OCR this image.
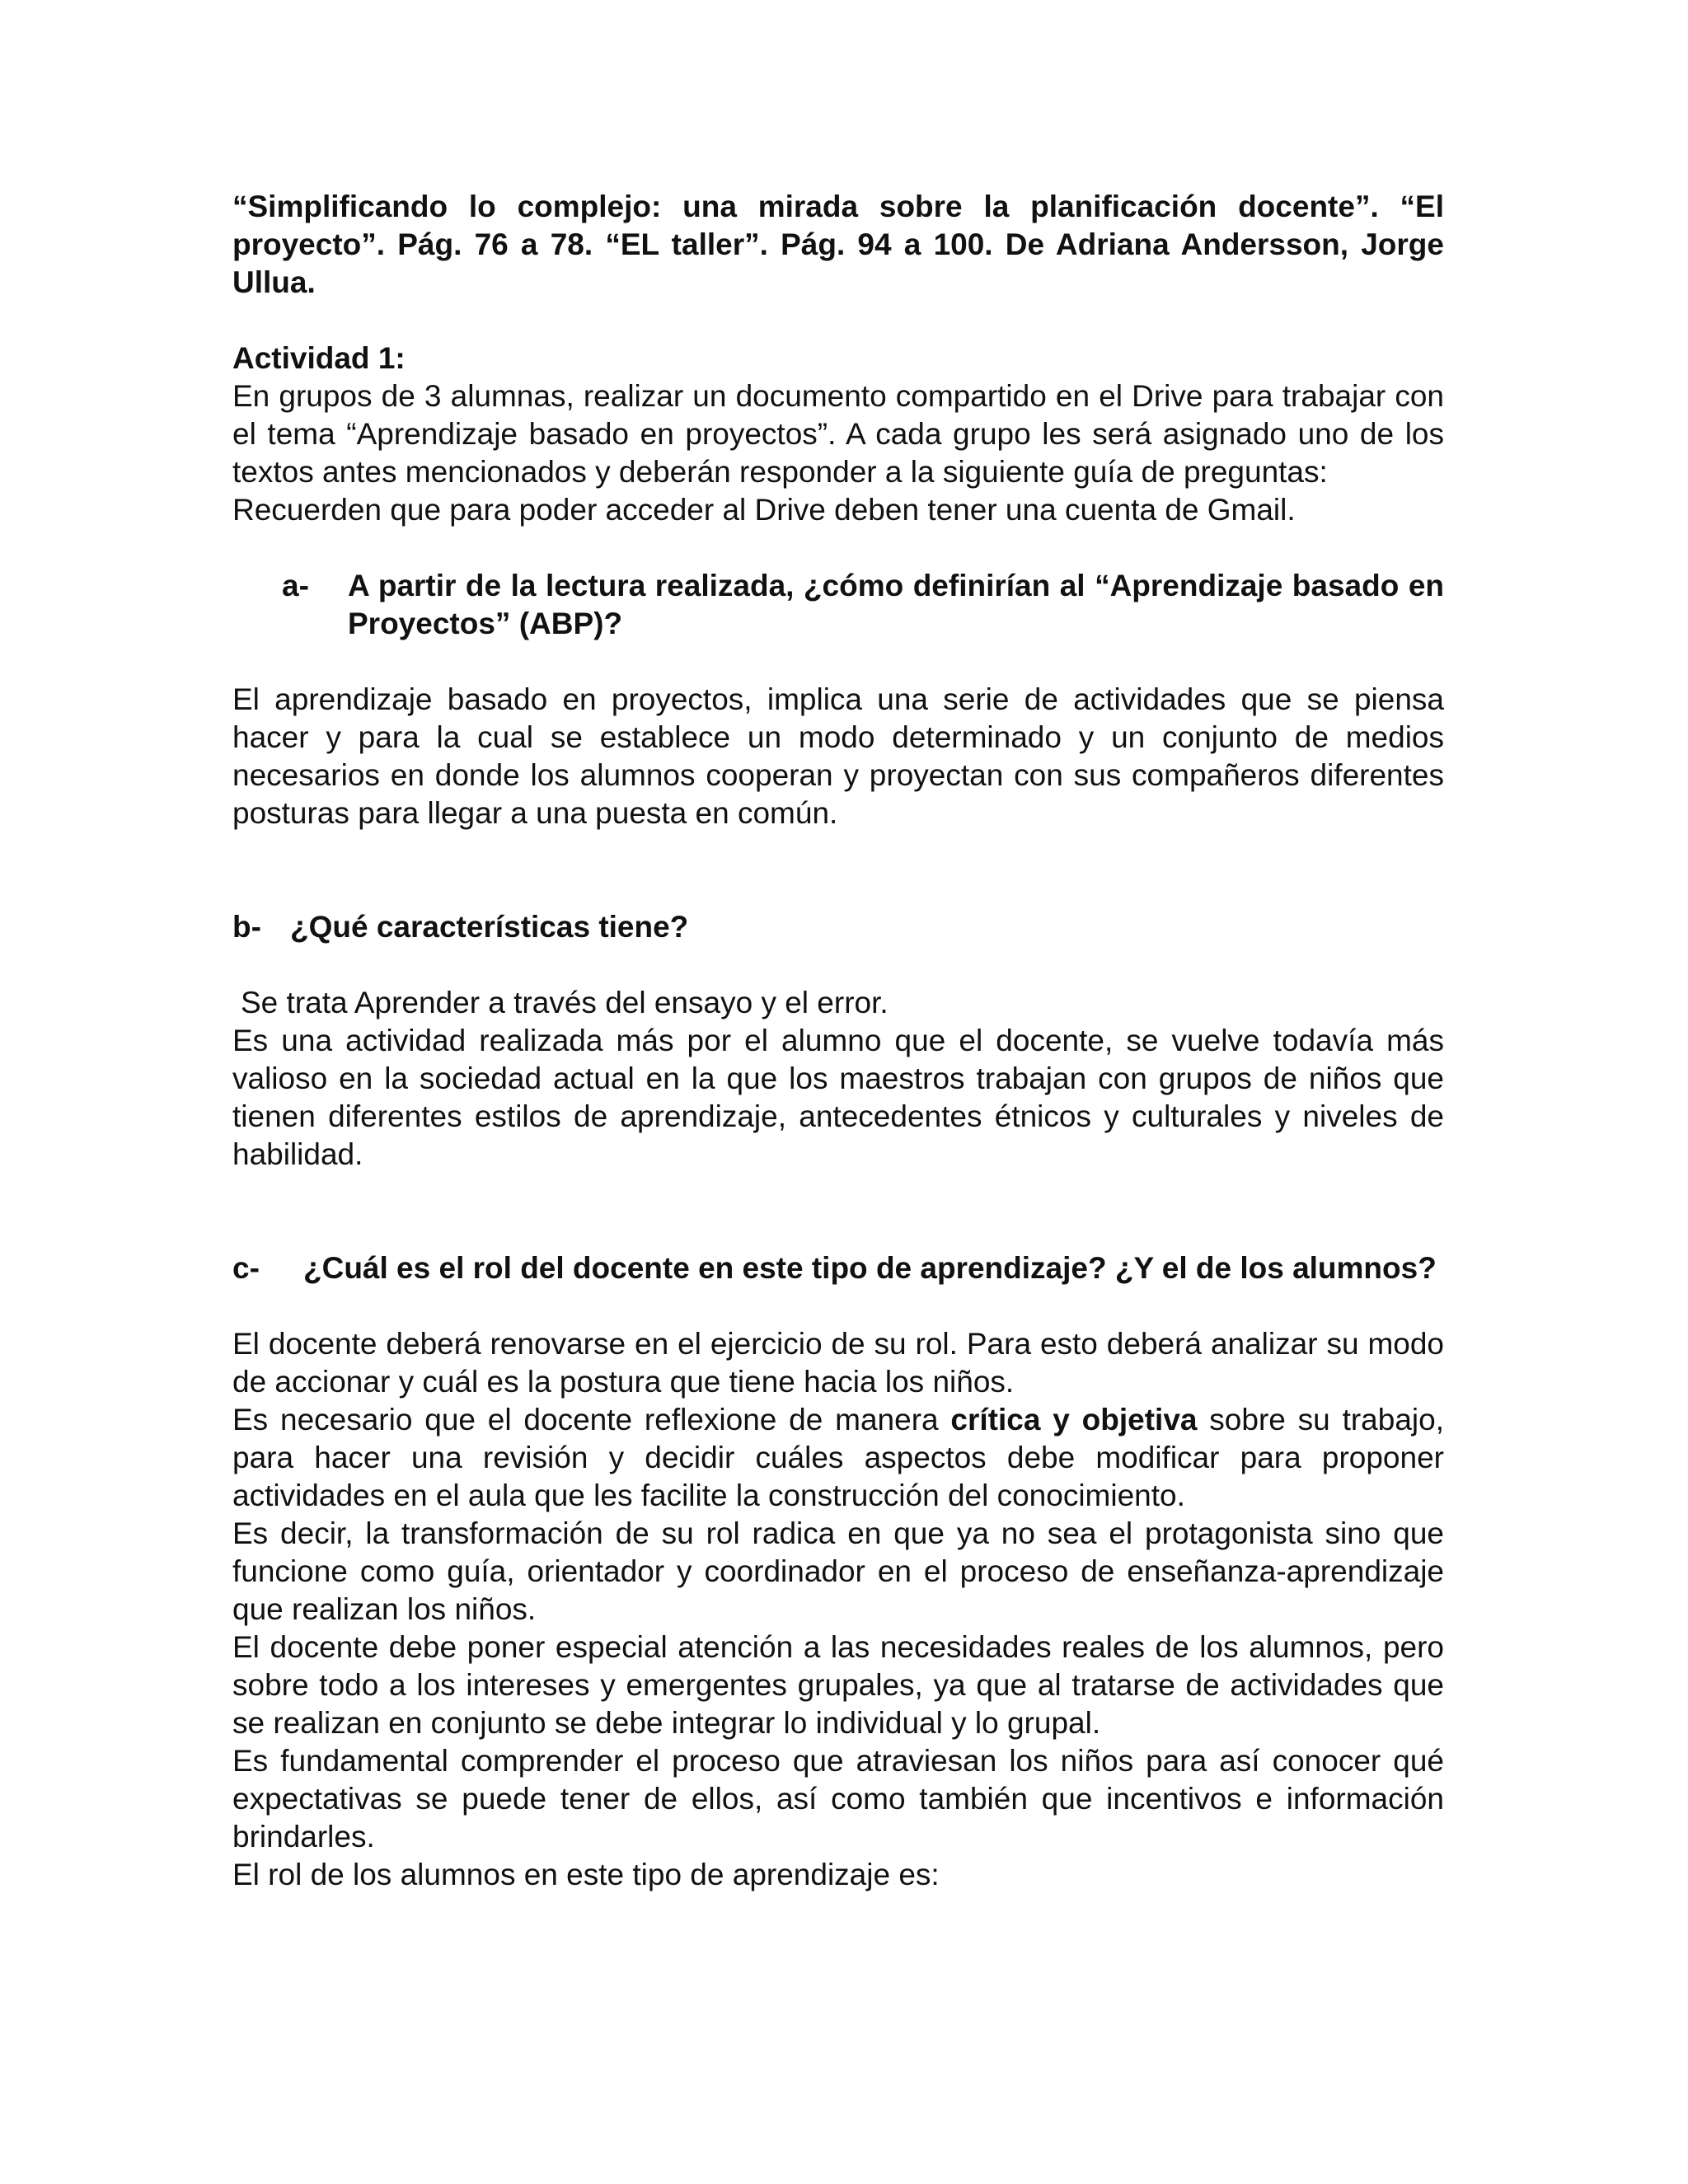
“Simplificando lo complejo: una mirada sobre la planificación docente”. “El proyecto”. Pág. 76 a 78. “EL taller”. Pág. 94 a 100. De Adriana Andersson, Jorge Ullua.

Actividad 1:

En grupos de 3 alumnas, realizar un documento compartido en el Drive para trabajar con el tema “Aprendizaje basado en proyectos”. A cada grupo les será asignado uno de los textos antes mencionados y deberán responder a la siguiente guía de preguntas:

Recuerden que para poder acceder al Drive deben tener una cuenta de Gmail.

a-	A partir de la lectura realizada, ¿cómo definirían al “Aprendizaje basado en Proyectos” (ABP)?

El aprendizaje basado en proyectos, implica una serie de actividades que se piensa hacer y para la cual se establece un modo determinado y un conjunto de medios necesarios en donde los alumnos cooperan y proyectan con sus compañeros diferentes posturas para llegar a una puesta en común.

b- ¿Qué características tiene?

Se trata Aprender a través del ensayo y el error.

Es una actividad realizada más por el alumno que el docente, se vuelve todavía más valioso en la sociedad actual en la que los maestros trabajan con grupos de niños que tienen diferentes estilos de aprendizaje, antecedentes étnicos y culturales y niveles de habilidad.

c-	¿Cuál es el rol del docente en este tipo de aprendizaje? ¿Y el de los alumnos?

El docente deberá renovarse en el ejercicio de su rol. Para esto deberá analizar su modo de accionar y cuál es la postura que tiene hacia los niños.

Es necesario que el docente reflexione de manera crítica y objetiva sobre su trabajo, para hacer una revisión y decidir cuáles aspectos debe modificar para proponer actividades en el aula que les facilite la construcción del conocimiento.

Es decir, la transformación de su rol radica en que ya no sea el protagonista sino que funcione como guía, orientador y coordinador en el proceso de enseñanza-aprendizaje que realizan los niños.

El docente debe poner especial atención a las necesidades reales de los alumnos, pero sobre todo a los intereses y emergentes grupales, ya que al tratarse de actividades que se realizan en conjunto se debe integrar lo individual y lo grupal.

Es fundamental comprender el proceso que atraviesan los niños para así conocer qué expectativas se puede tener de ellos, así como también que incentivos e información brindarles.

El rol de los alumnos en este tipo de aprendizaje es:
